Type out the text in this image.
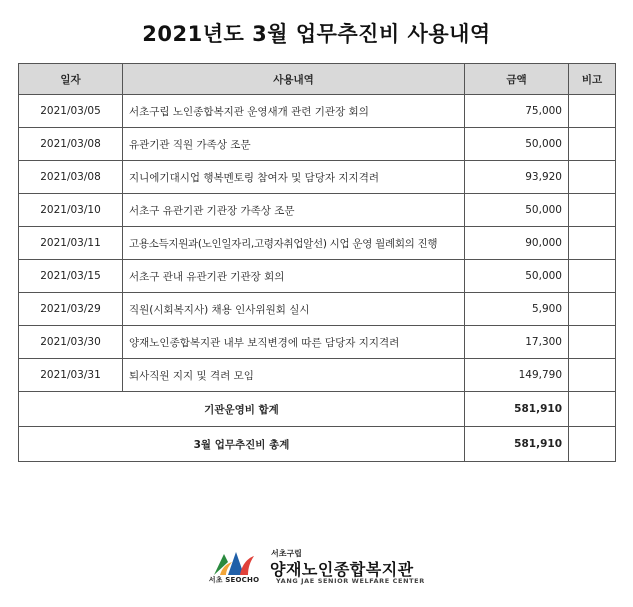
2021년도 3월 업무추진비 사용내역
일자	사용내역	금액	비고
2021/03/05	서초구립 노인종합복지관 운영새개 관련 기관장 회의	75,000	
2021/03/08	유관기관 직원 가족상 조문	50,000	
2021/03/08	지니에기대시업 행복멘토링 참여자 및 담당자 지지격려	93,920	
2021/03/10	서초구 유관기관 기관장 가족상 조문	50,000	
2021/03/11	고용소득지원과(노인일자리,고령자취업알선) 시업 운영 월례회의 진행	90,000	
2021/03/15	서초구 관내 유관기관 기관장 회의	50,000	
2021/03/29	직원(시회복지사) 채용 인사위원회 실시	5,900	
2021/03/30	양재노인종합복지관 내부 보직변경에 따른 담당자 지지격려	17,300	
2021/03/31	퇴사직원 지지 및 격려 모임	149,790	
기관운영비 합계		581,910	
3월 업무추진비 총계		581,910	
서초 SEOCHO
서초구립
양재노인종합복지관
YANG JAE SENIOR WELFARE CENTER
